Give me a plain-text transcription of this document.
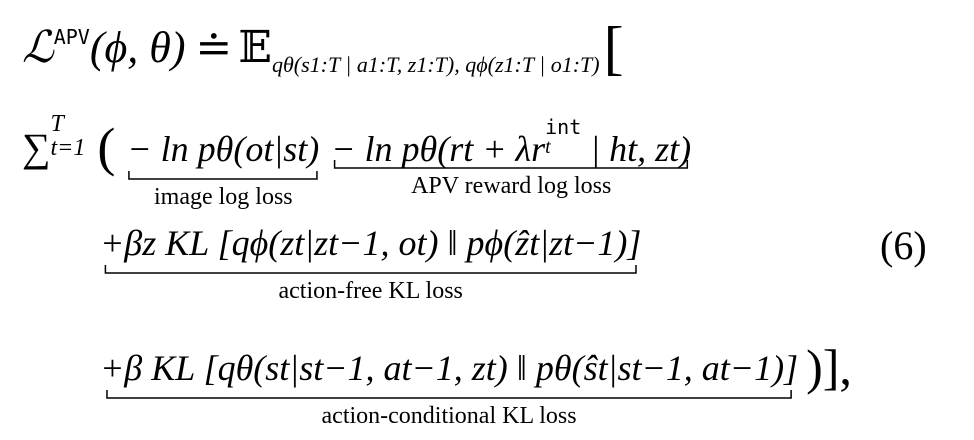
ℒAPV(ϕ, θ) ≐ 𝔼qθ(s1:T | a1:T, z1:T), qϕ(z1:T | o1:T) [
∑
T
t=1 ( − ln pθ(ot|st)
image log loss
− ln pθ(rt + λr
int
t | ht, zt)
APV reward log loss
+βz KL [qϕ(zt|zt−1, ot) ‖ pϕ(ẑt|zt−1)]
action-free KL loss
(6)
+β KL [qθ(st|st−1, at−1, zt) ‖ pθ(ŝt|st−1, at−1)]
action-conditional KL loss
)],
